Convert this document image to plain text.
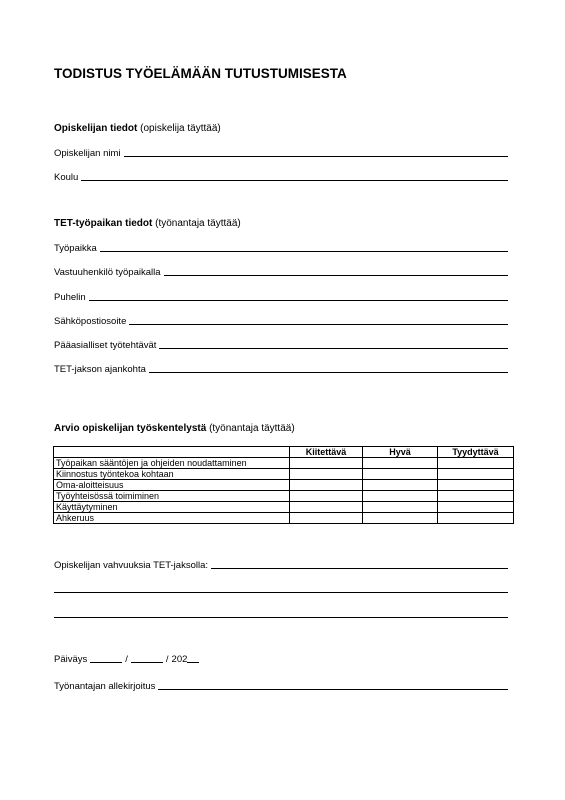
TODISTUS TYÖELÄMÄÄN TUTUSTUMISESTA
Opiskelijan tiedot (opiskelija täyttää)
Opiskelijan nimi
Koulu
TET-työpaikan tiedot (työnantaja täyttää)
Työpaikka
Vastuuhenkilö työpaikalla
Puhelin
Sähköpostiosoite
Pääasialliset työtehtävät
TET-jakson ajankohta
Arvio opiskelijan työskentelystä (työnantaja täyttää)
	Kiitettävä	Hyvä	Tyydyttävä
Työpaikan sääntöjen ja ohjeiden noudattaminen			
Kiinnostus työntekoa kohtaan			
Oma-aloitteisuus			
Työyhteisössä toimiminen			
Käyttäytyminen			
Ahkeruus			
Opiskelijan vahvuuksia TET-jaksolla:
Päiväys	/	/ 202
Työnantajan allekirjoitus
